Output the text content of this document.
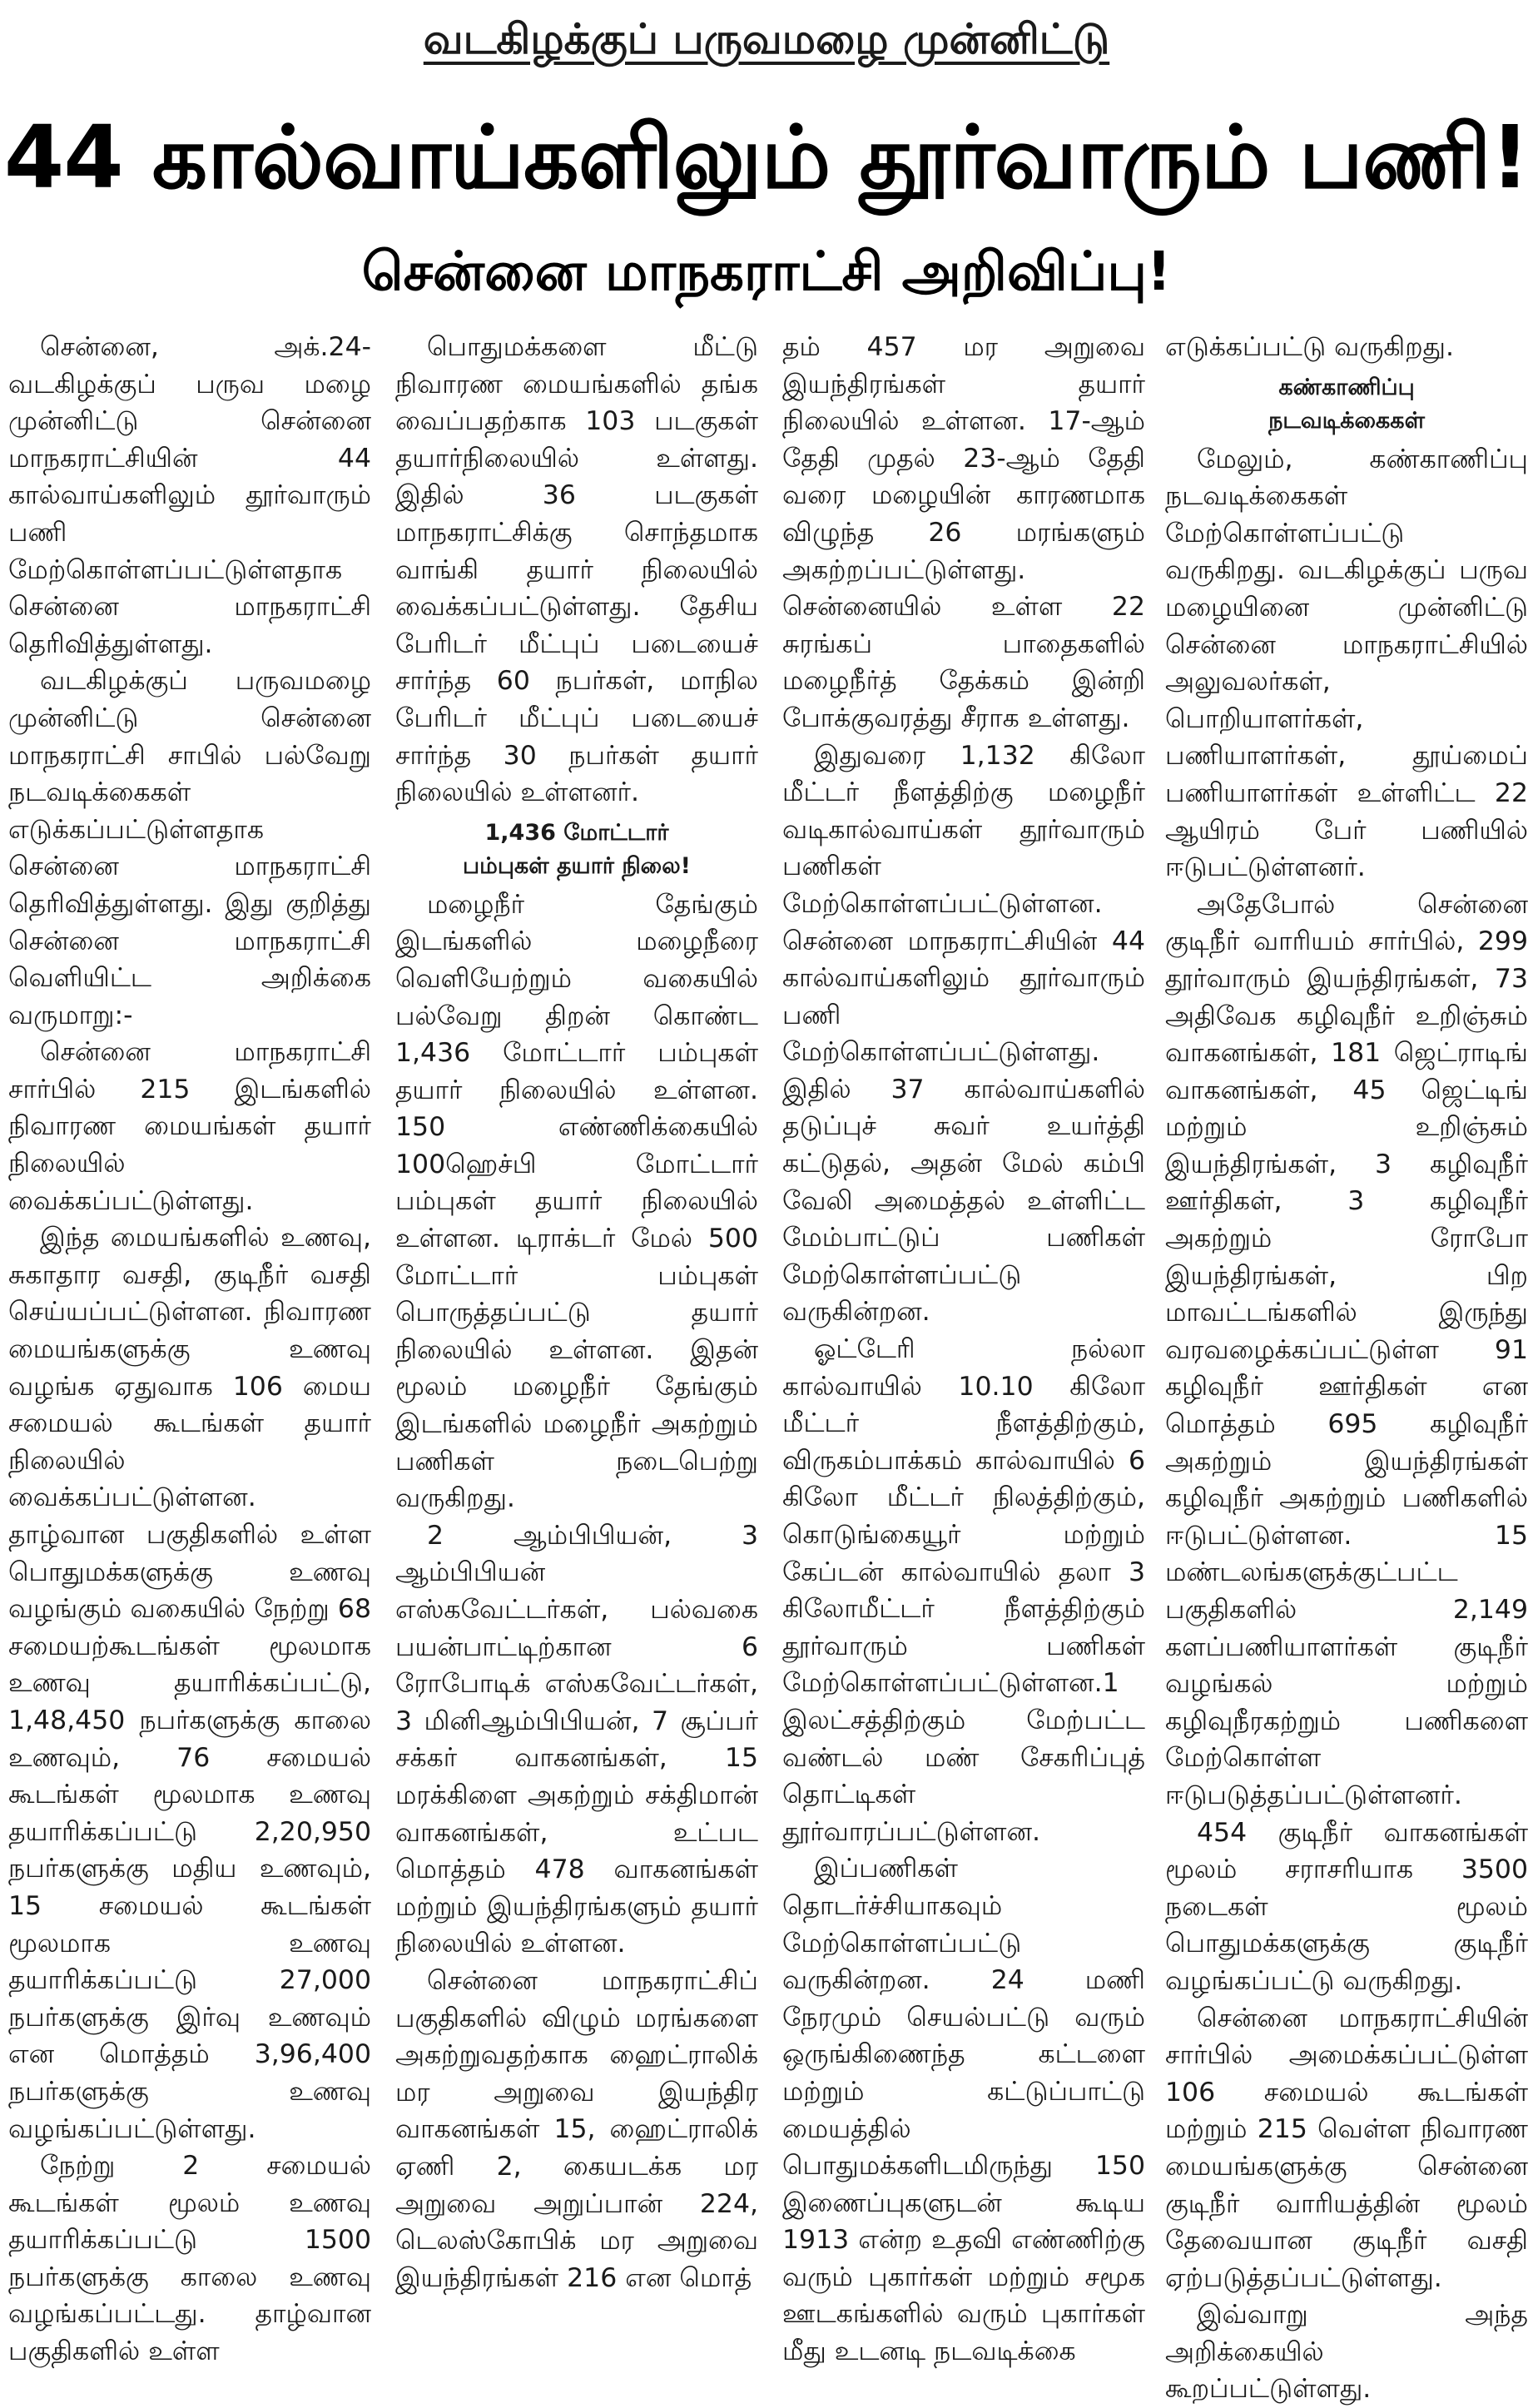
வடகிழக்குப் பருவமழை முன்னிட்டு
44 கால்வாய்களிலும் தூர்வாரும் பணி!
சென்னை மாநகராட்சி அறிவிப்பு!

சென்னை, அக்.24- வடகிழக்குப் பருவ மழை முன்னிட்டு சென்னை மாநகராட்சியின் 44 கால்வாய்களிலும் தூர்வாரும் பணி மேற்கொள்ளப்பட்டுள்ளதாக சென்னை மாநகராட்சி தெரிவித்துள்ளது.

வடகிழக்குப் பருவமழை முன்னிட்டு சென்னை மாநகராட்சி சாபில் பல்வேறு நடவடிக்கைகள் எடுக்கப்பட்டுள்ளதாக சென்னை மாநகராட்சி தெரிவித்துள்ளது. இது குறித்து சென்னை மாநகராட்சி வெளியிட்ட அறிக்கை வருமாறு:-

சென்னை மாநகராட்சி சார்பில் 215 இடங்களில் நிவாரண மையங்கள் தயார் நிலையில் வைக்கப்பட்டுள்ளது.

இந்த மையங்களில் உணவு, சுகாதார வசதி, குடிநீர் வசதி செய்யப்பட்டுள்ளன. நிவாரண மையங்களுக்கு உணவு வழங்க ஏதுவாக 106 மைய சமையல் கூடங்கள் தயார் நிலையில் வைக்கப்பட்டுள்ளன. தாழ்வான பகுதிகளில் உள்ள பொதுமக்களுக்கு உணவு வழங்கும் வகையில் நேற்று 68 சமையற்கூடங்கள் மூலமாக உணவு தயாரிக்கப்பட்டு, 1,48,450 நபர்களுக்கு காலை உணவும், 76 சமையல் கூடங்கள் மூலமாக உணவு தயாரிக்கப்பட்டு 2,20,950 நபர்களுக்கு மதிய உணவும், 15 சமையல் கூடங்கள் மூலமாக உணவு தயாரிக்கப்பட்டு 27,000 நபர்களுக்கு இர்வு உணவும் என மொத்தம் 3,96,400 நபர்களுக்கு உணவு வழங்கப்பட்டுள்ளது.

நேற்று 2 சமையல் கூடங்கள் மூலம் உணவு தயாரிக்கப்பட்டு 1500 நபர்களுக்கு காலை உணவு வழங்கப்பட்டது. தாழ்வான பகுதிகளில் உள்ள

பொதுமக்களை மீட்டு நிவாரண மையங்களில் தங்க வைப்பதற்காக 103 படகுகள் தயார்நிலையில் உள்ளது. இதில் 36 படகுகள் மாநகராட்சிக்கு சொந்தமாக வாங்கி தயார் நிலையில் வைக்கப்பட்டுள்ளது. தேசிய பேரிடர் மீட்புப் படையைச் சார்ந்த 60 நபர்கள், மாநில பேரிடர் மீட்புப் படையைச் சார்ந்த 30 நபர்கள் தயார் நிலையில் உள்ளனர்.

1,436 மோட்டார்
பம்புகள் தயார் நிலை!

மழைநீர் தேங்கும் இடங்களில் மழைநீரை வெளியேற்றும் வகையில் பல்வேறு திறன் கொண்ட 1,436 மோட்டார் பம்புகள் தயார் நிலையில் உள்ளன. 150 எண்ணிக்கையில் 100ஹெச்பி மோட்டார் பம்புகள் தயார் நிலையில் உள்ளன. டிராக்டர் மேல் 500 மோட்டார் பம்புகள் பொருத்தப்பட்டு தயார் நிலையில் உள்ளன. இதன் மூலம் மழைநீர் தேங்கும் இடங்களில் மழைநீர் அகற்றும் பணிகள் நடைபெற்று வருகிறது.

2 ஆம்பிபியன், 3 ஆம்பிபியன் எஸ்கவேட்டர்கள், பல்வகை பயன்பாட்டிற்கான 6 ரோபோடிக் எஸ்கவேட்டர்கள், 3 மினிஆம்பிபியன், 7 சூப்பர் சக்கர் வாகனங்கள், 15 மரக்கிளை அகற்றும் சக்திமான் வாகனங்கள், உட்பட மொத்தம் 478 வாகனங்கள் மற்றும் இயந்திரங்களும் தயார் நிலையில் உள்ளன.

சென்னை மாநகராட்சிப் பகுதிகளில் விழும் மரங்களை அகற்றுவதற்காக ஹைட்ராலிக் மர அறுவை இயந்திர வாகனங்கள் 15, ஹைட்ராலிக் ஏணி 2, கையடக்க மர அறுவை அறுப்பான் 224, டெலஸ்கோபிக் மர அறுவை இயந்திரங்கள் 216 என மொத்

தம் 457 மர அறுவை இயந்திரங்கள் தயார் நிலையில் உள்ளன. 17-ஆம் தேதி முதல் 23-ஆம் தேதி வரை மழையின் காரணமாக விழுந்த 26 மரங்களும் அகற்றப்பட்டுள்ளது. சென்னையில் உள்ள 22 சுரங்கப் பாதைகளில் மழைநீர்த் தேக்கம் இன்றி போக்குவரத்து சீராக உள்ளது.

இதுவரை 1,132 கிலோ மீட்டர் நீளத்திற்கு மழைநீர் வடிகால்வாய்கள் தூர்வாரும் பணிகள் மேற்கொள்ளப்பட்டுள்ளன. சென்னை மாநகராட்சியின் 44 கால்வாய்களிலும் தூர்வாரும் பணி மேற்கொள்ளப்பட்டுள்ளது. இதில் 37 கால்வாய்களில் தடுப்புச் சுவர் உயர்த்தி கட்டுதல், அதன் மேல் கம்பி வேலி அமைத்தல் உள்ளிட்ட மேம்பாட்டுப் பணிகள் மேற்கொள்ளப்பட்டு வருகின்றன.

ஓட்டேரி நல்லா கால்வாயில் 10.10 கிலோ மீட்டர் நீளத்திற்கும், விருகம்பாக்கம் கால்வாயில் 6 கிலோ மீட்டர் நிலத்திற்கும், கொடுங்கையூர் மற்றும் கேப்டன் கால்வாயில் தலா 3 கிலோமீட்டர் நீளத்திற்கும் தூர்வாரும் பணிகள் மேற்கொள்ளப்பட்டுள்ளன.1 இலட்சத்திற்கும் மேற்பட்ட வண்டல் மண் சேகரிப்புத் தொட்டிகள் தூர்வாரப்பட்டுள்ளன.

இப்பணிகள் தொடர்ச்சியாகவும் மேற்கொள்ளப்பட்டு வருகின்றன. 24 மணி நேரமும் செயல்பட்டு வரும் ஒருங்கிணைந்த கட்டளை மற்றும் கட்டுப்பாட்டு மையத்தில் பொதுமக்களிடமிருந்து 150 இணைப்புகளுடன் கூடிய 1913 என்ற உதவி எண்ணிற்கு வரும் புகார்கள் மற்றும் சமூக ஊடகங்களில் வரும் புகார்கள் மீது உடனடி நடவடிக்கை

எடுக்கப்பட்டு வருகிறது.

கண்காணிப்பு
நடவடிக்கைகள்

மேலும், கண்காணிப்பு நடவடிக்கைகள் மேற்கொள்ளப்பட்டு வருகிறது. வடகிழக்குப் பருவ மழையினை முன்னிட்டு சென்னை மாநகராட்சியில் அலுவலர்கள், பொறியாளர்கள், பணியாளர்கள், தூய்மைப் பணியாளர்கள் உள்ளிட்ட 22 ஆயிரம் பேர் பணியில் ஈடுபட்டுள்ளனர்.

அதேபோல் சென்னை குடிநீர் வாரியம் சார்பில், 299 தூர்வாரும் இயந்திரங்கள், 73 அதிவேக கழிவுநீர் உறிஞ்சும் வாகனங்கள், 181 ஜெட்ராடிங் வாகனங்கள், 45 ஜெட்டிங் மற்றும் உறிஞ்சும் இயந்திரங்கள், 3 கழிவுநீர் ஊர்திகள், 3 கழிவுநீர் அகற்றும் ரோபோ இயந்திரங்கள், பிற மாவட்டங்களில் இருந்து வரவழைக்கப்பட்டுள்ள 91 கழிவுநீர் ஊர்திகள் என மொத்தம் 695 கழிவுநீர் அகற்றும் இயந்திரங்கள் கழிவுநீர் அகற்றும் பணிகளில் ஈடுபட்டுள்ளன. 15 மண்டலங்களுக்குட்பட்ட பகுதிகளில் 2,149 களப்பணியாளர்கள் குடிநீர் வழங்கல் மற்றும் கழிவுநீரகற்றும் பணிகளை மேற்கொள்ள ஈடுபடுத்தப்பட்டுள்ளனர்.

454 குடிநீர் வாகனங்கள் மூலம் சராசரியாக 3500 நடைகள் மூலம் பொதுமக்களுக்கு குடிநீர் வழங்கப்பட்டு வருகிறது.

சென்னை மாநகராட்சியின் சார்பில் அமைக்கப்பட்டுள்ள 106 சமையல் கூடங்கள் மற்றும் 215 வெள்ள நிவாரண மையங்களுக்கு சென்னை குடிநீர் வாரியத்தின் மூலம் தேவையான குடிநீர் வசதி ஏற்படுத்தப்பட்டுள்ளது.

இவ்வாறு அந்த அறிக்கையில் கூறப்பட்டுள்ளது.
